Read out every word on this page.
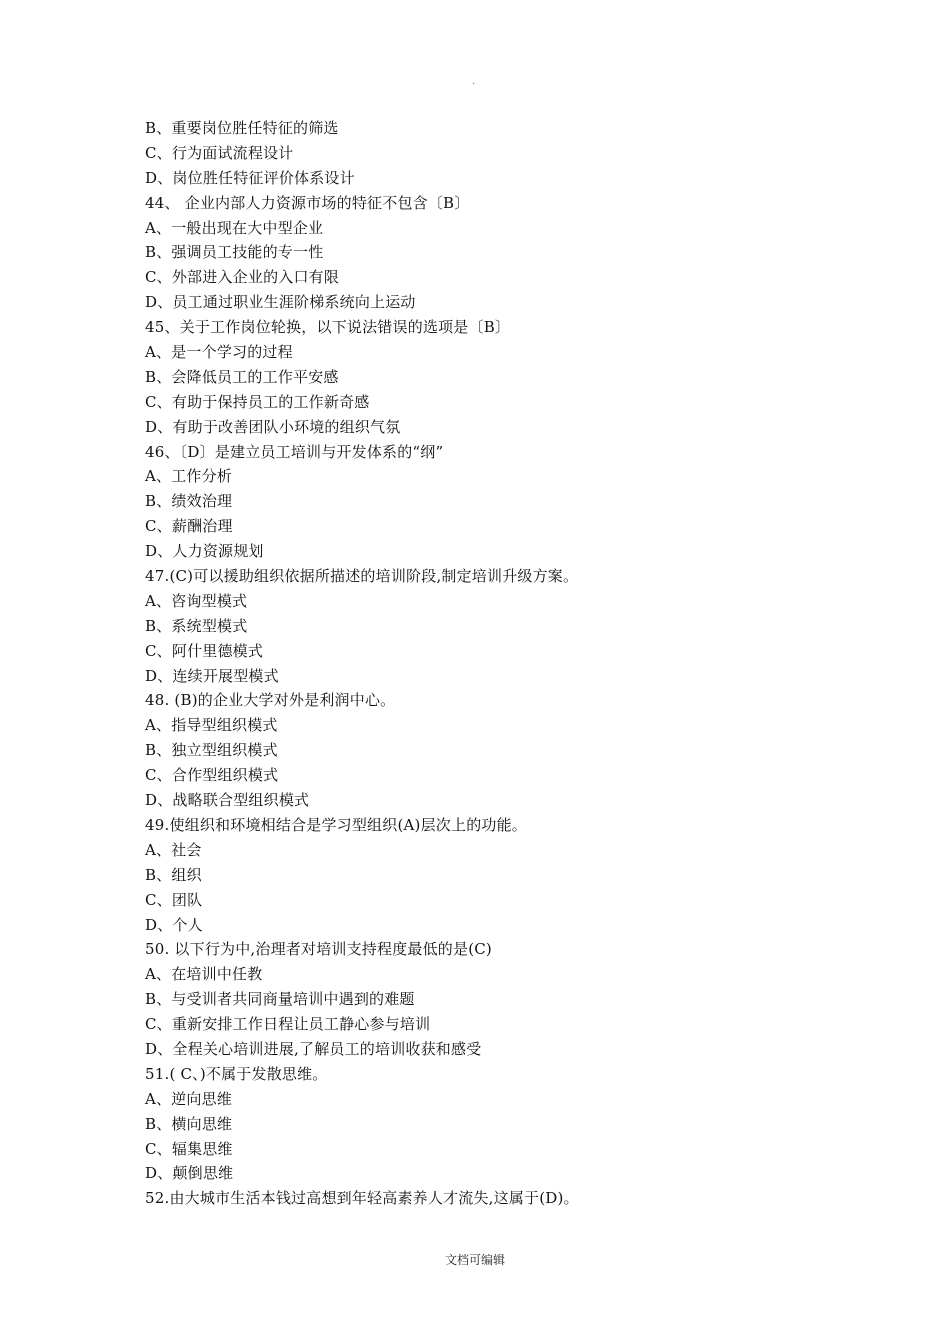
.
B、重要岗位胜任特征的筛选
C、行为面试流程设计
D、岗位胜任特征评价体系设计
44、 企业内部人力资源市场的特征不包含〔B〕
A、一般出现在大中型企业
B、强调员工技能的专一性
C、外部进入企业的入口有限
D、员工通过职业生涯阶梯系统向上运动
45、关于工作岗位轮换，以下说法错误的选项是〔B〕
A、是一个学习的过程
B、会降低员工的工作平安感
C、有助于保持员工的工作新奇感
D、有助于改善团队小环境的组织气氛
46、〔D〕是建立员工培训与开发体系的“纲”
A、工作分析
B、绩效治理
C、薪酬治理
D、人力资源规划
47.(C)可以援助组织依据所描述的培训阶段,制定培训升级方案。
A、咨询型模式
B、系统型模式
C、阿什里德模式
D、连续开展型模式
48. (B)的企业大学对外是利润中心。
A、指导型组织模式
B、独立型组织模式
C、合作型组织模式
D、战略联合型组织模式
49.使组织和环境相结合是学习型组织(A)层次上的功能。
A、社会
B、组织
C、团队
D、个人
50. 以下行为中,治理者对培训支持程度最低的是(C)
A、在培训中任教
B、与受训者共同商量培训中遇到的难题
C、重新安排工作日程让员工静心参与培训
D、全程关心培训进展,了解员工的培训收获和感受
51.( C、)不属于发散思维。
A、逆向思维
B、横向思维
C、辐集思维
D、颠倒思维
52.由大城市生活本钱过高想到年轻高素养人才流失,这属于(D)。
文档可编辑
